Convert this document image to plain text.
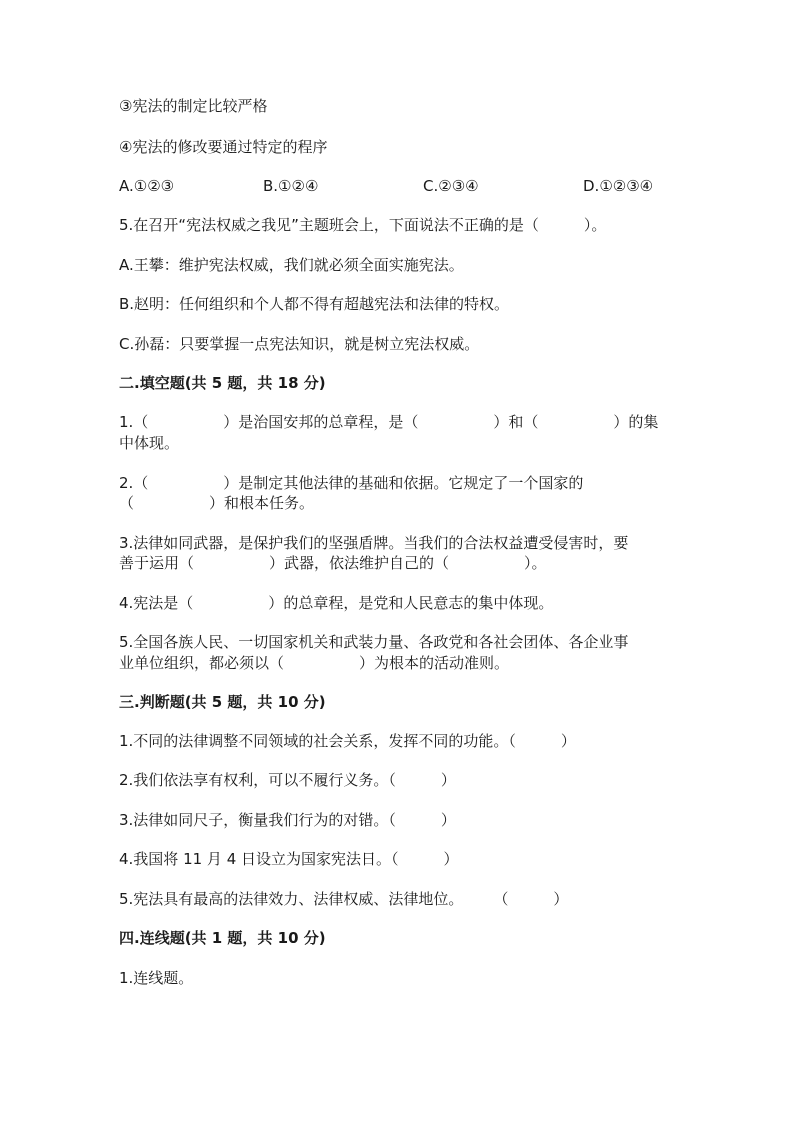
③宪法的制定比较严格
④宪法的修改要通过特定的程序
A.①②③	B.①②④	C.②③④	D.①②③④
5.在召开“宪法权威之我见”主题班会上，下面说法不正确的是（　　　）。
A.王攀：维护宪法权威，我们就必须全面实施宪法。
B.赵明：任何组织和个人都不得有超越宪法和法律的特权。
C.孙磊：只要掌握一点宪法知识，就是树立宪法权威。
二.填空题(共 5 题，共 18 分)
1.（　　　　　）是治国安邦的总章程，是（　　　　　）和（　　　　　）的集
中体现。
2.（　　　　　）是制定其他法律的基础和依据。它规定了一个国家的
（　　　　　）和根本任务。
3.法律如同武器，是保护我们的坚强盾牌。当我们的合法权益遭受侵害时，要
善于运用（　　　　　）武器，依法维护自己的（　　　　　）。
4.宪法是（　　　　　）的总章程，是党和人民意志的集中体现。
5.全国各族人民、一切国家机关和武装力量、各政党和各社会团体、各企业事
业单位组织，都必须以（　　　　　）为根本的活动准则。
三.判断题(共 5 题，共 10 分)
1.不同的法律调整不同领域的社会关系，发挥不同的功能。（　　　）
2.我们依法享有权利，可以不履行义务。（　　　）
3.法律如同尺子，衡量我们行为的对错。（　　　）
4.我国将 11 月 4 日设立为国家宪法日。（　　　）
5.宪法具有最高的法律效力、法律权威、法律地位。　　　（　　　）
四.连线题(共 1 题，共 10 分)
1.连线题。
